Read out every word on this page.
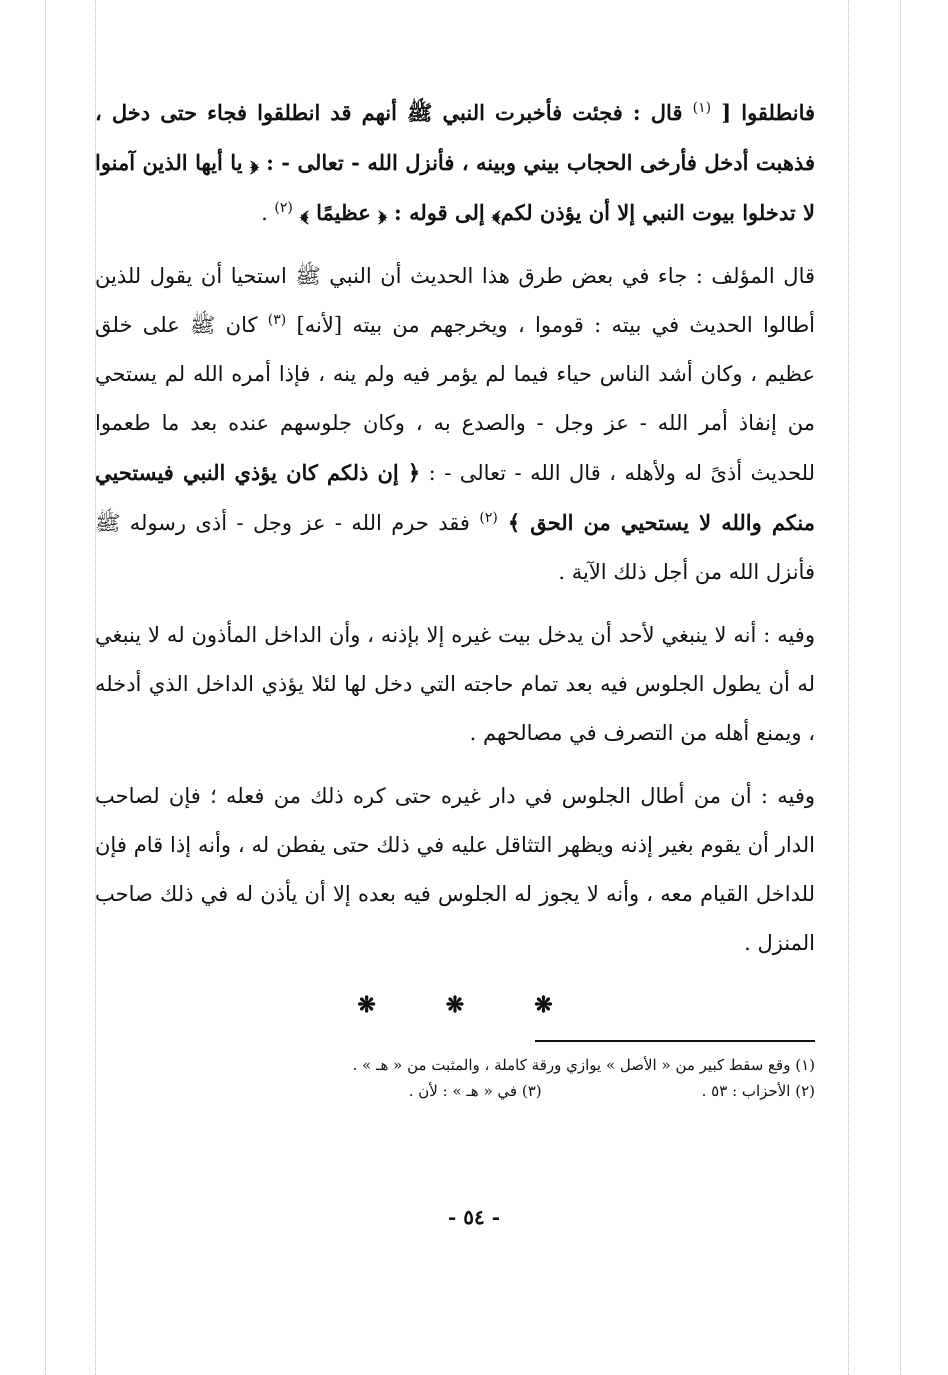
فانطلقوا [ $^{(١)}$ قال : فجئت فأخبرت النبي ﷺ أنهم قد انطلقوا فجاء حتى دخل ، فذهبت أدخل فأرخى الحجاب بيني وبينه ، فأنزل الله - تعالى - : ﴿ يا أيها الذين آمنوا لا تدخلوا بيوت النبي إلا أن يؤذن لكم﴾ إلى قوله : ﴿ عظيمًا ﴾ $^{(٢)}$ .

قال المؤلف : جاء في بعض طرق هذا الحديث أن النبي ﷺ استحيا أن يقول للذين أطالوا الحديث في بيته : قوموا ، ويخرجهم من بيته [لأنه] $^{(٣)}$ كان ﷺ على خلق عظيم ، وكان أشد الناس حياء فيما لم يؤمر فيه ولم ينه ، فإذا أمره الله لم يستحي من إنفاذ أمر الله - عز وجل - والصدع به ، وكان جلوسهم عنده بعد ما طعموا للحديث أذىً له ولأهله ، قال الله - تعالى - : ﴿ إن ذلكم كان يؤذي النبي فيستحيي منكم والله لا يستحيي من الحق ﴾ $^{(٢)}$ فقد حرم الله - عز وجل - أذى رسوله ﷺ فأنزل الله من أجل ذلك الآية .

وفيه : أنه لا ينبغي لأحد أن يدخل بيت غيره إلا بإذنه ، وأن الداخل المأذون له لا ينبغي له أن يطول الجلوس فيه بعد تمام حاجته التي دخل لها لئلا يؤذي الداخل الذي أدخله ، ويمنع أهله من التصرف في مصالحهم .

وفيه : أن من أطال الجلوس في دار غيره حتى كره ذلك من فعله ؛ فإن لصاحب الدار أن يقوم بغير إذنه ويظهر التثاقل عليه في ذلك حتى يفطن له ، وأنه إذا قام فإن للداخل القيام معه ، وأنه لا يجوز له الجلوس فيه بعده إلا أن يأذن له في ذلك صاحب المنزل .

❋
❋
❋
(١) وقع سقط كبير من « الأصل » يوازي ورقة كاملة ، والمثبت من « هـ » .
(٢) الأحزاب : ٥٣ .
(٣) في « هـ » : لأن .
- ٥٤ -
